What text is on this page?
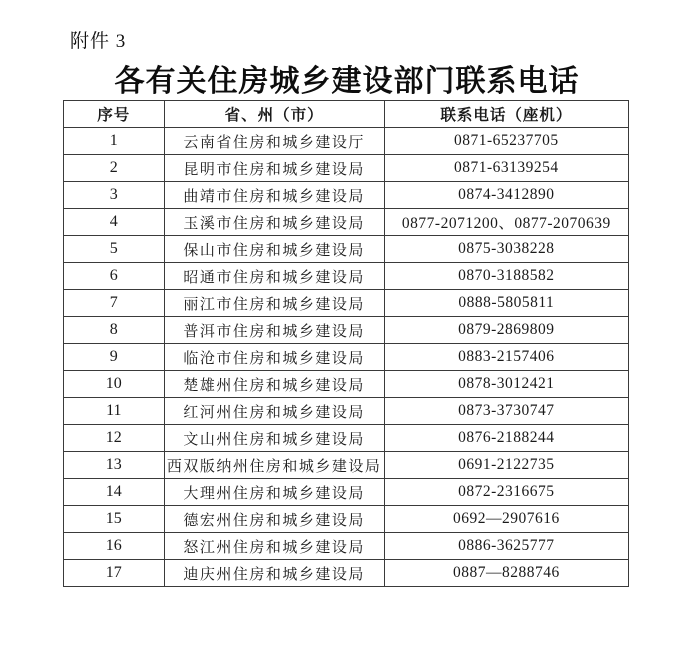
附件 3
各有关住房城乡建设部门联系电话
序号	省、州（市）	联系电话（座机）
1	云南省住房和城乡建设厅	0871-65237705
2	昆明市住房和城乡建设局	0871-63139254
3	曲靖市住房和城乡建设局	0874-3412890
4	玉溪市住房和城乡建设局	0877-2071200、0877-2070639
5	保山市住房和城乡建设局	0875-3038228
6	昭通市住房和城乡建设局	0870-3188582
7	丽江市住房和城乡建设局	0888-5805811
8	普洱市住房和城乡建设局	0879-2869809
9	临沧市住房和城乡建设局	0883-2157406
10	楚雄州住房和城乡建设局	0878-3012421
11	红河州住房和城乡建设局	0873-3730747
12	文山州住房和城乡建设局	0876-2188244
13	西双版纳州住房和城乡建设局	0691-2122735
14	大理州住房和城乡建设局	0872-2316675
15	德宏州住房和城乡建设局	0692—2907616
16	怒江州住房和城乡建设局	0886-3625777
17	迪庆州住房和城乡建设局	0887—8288746
